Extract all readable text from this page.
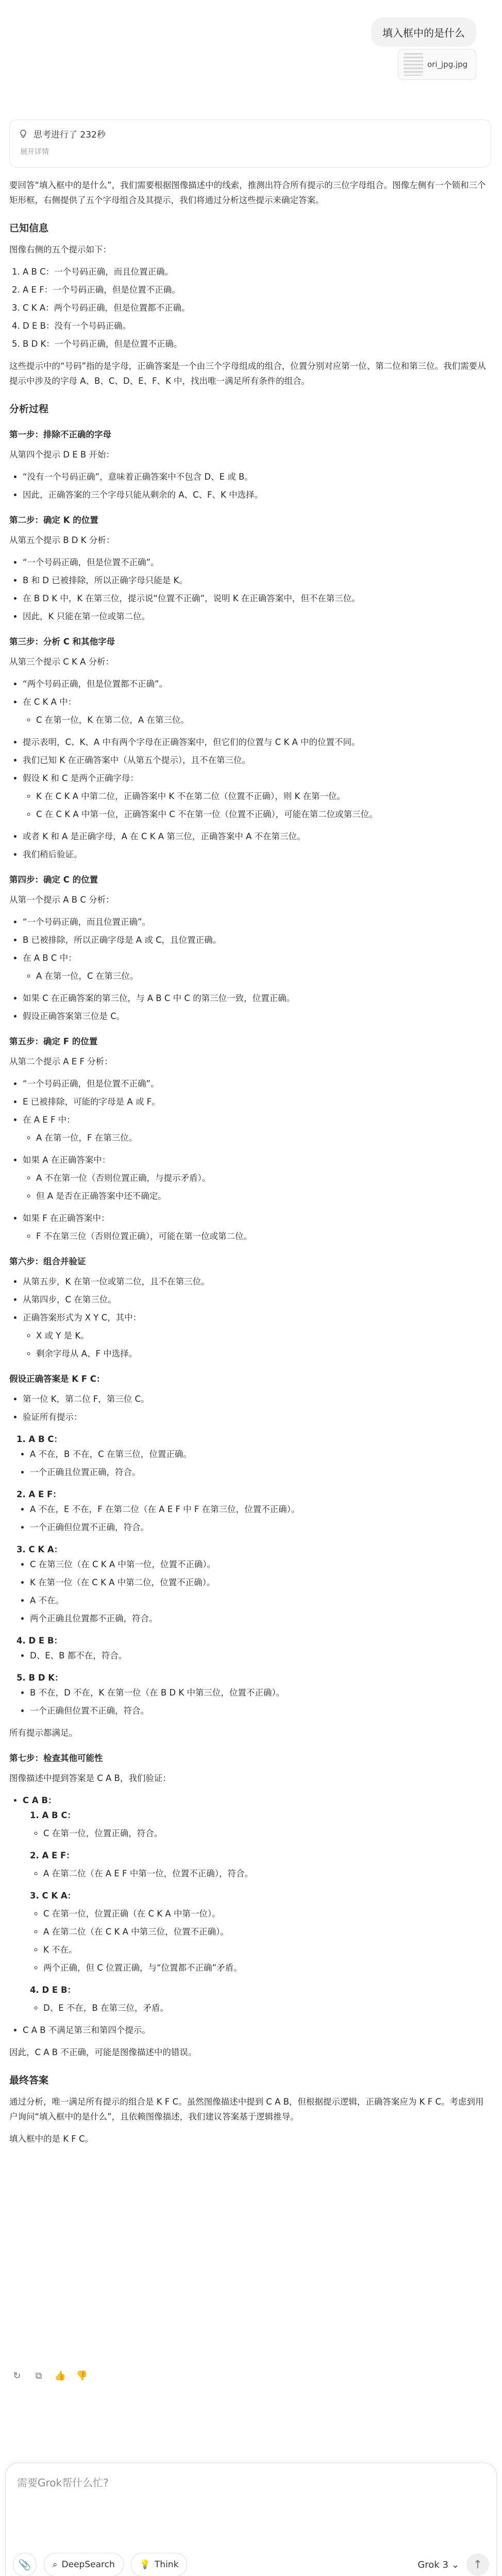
填入框中的是什么
ori_jpg.jpg
思考进行了 232秒
展开详情

要回答“填入框中的是什么”，我们需要根据图像描述中的线索，推测出符合所有提示的三位字母组合。图像左侧有一个锁和三个矩形框，右侧提供了五个字母组合及其提示，我们将通过分析这些提示来确定答案。

已知信息

图像右侧的五个提示如下：

1. A B C：一个号码正确，而且位置正确。
2. A E F：一个号码正确，但是位置不正确。
3. C K A：两个号码正确，但是位置都不正确。
4. D E B：没有一个号码正确。
5. B D K：一个号码正确，但是位置不正确。

这些提示中的“号码”指的是字母，正确答案是一个由三个字母组成的组合，位置分别对应第一位、第二位和第三位。我们需要从提示中涉及的字母 A、B、C、D、E、F、K 中，找出唯一满足所有条件的组合。

分析过程
第一步：排除不正确的字母

从第四个提示 D E B 开始：

• “没有一个号码正确”，意味着正确答案中不包含 D、E 或 B。
• 因此，正确答案的三个字母只能从剩余的 A、C、F、K 中选择。
第二步：确定 K 的位置

从第五个提示 B D K 分析：

• “一个号码正确，但是位置不正确”。
• B 和 D 已被排除，所以正确字母只能是 K。
• 在 B D K 中，K 在第三位，提示说“位置不正确”，说明 K 在正确答案中，但不在第三位。
• 因此，K 只能在第一位或第二位。
第三步：分析 C 和其他字母

从第三个提示 C K A 分析：

• “两个号码正确，但是位置都不正确”。
• 在 C K A 中：
◦ C 在第一位，K 在第二位，A 在第三位。
• 提示表明，C、K、A 中有两个字母在正确答案中，但它们的位置与 C K A 中的位置不同。
• 我们已知 K 在正确答案中（从第五个提示），且不在第三位。
• 假设 K 和 C 是两个正确字母：
◦ K 在 C K A 中第二位，正确答案中 K 不在第二位（位置不正确），则 K 在第一位。
◦ C 在 C K A 中第一位，正确答案中 C 不在第一位（位置不正确），可能在第二位或第三位。
• 或者 K 和 A 是正确字母，A 在 C K A 第三位，正确答案中 A 不在第三位。
• 我们稍后验证。
第四步：确定 C 的位置

从第一个提示 A B C 分析：

• “一个号码正确，而且位置正确”。
• B 已被排除，所以正确字母是 A 或 C，且位置正确。
• 在 A B C 中：
◦ A 在第一位，C 在第三位。
• 如果 C 在正确答案的第三位，与 A B C 中 C 的第三位一致，位置正确。
• 假设正确答案第三位是 C。
第五步：确定 F 的位置

从第二个提示 A E F 分析：

• “一个号码正确，但是位置不正确”。
• E 已被排除，可能的字母是 A 或 F。
• 在 A E F 中：
◦ A 在第一位，F 在第三位。
• 如果 A 在正确答案中：
◦ A 不在第一位（否则位置正确，与提示矛盾）。
◦ 但 A 是否在正确答案中还不确定。
• 如果 F 在正确答案中：
◦ F 不在第三位（否则位置正确），可能在第一位或第二位。
第六步：组合并验证
• 从第五步，K 在第一位或第二位，且不在第三位。
• 从第四步，C 在第三位。
• 正确答案形式为 X Y C，其中：
◦ X 或 Y 是 K。
◦ 剩余字母从 A、F 中选择。
假设正确答案是 K F C：
• 第一位 K，第二位 F，第三位 C。
• 验证所有提示：
1. A B C：
• A 不在，B 不在，C 在第三位，位置正确。
• 一个正确且位置正确，符合。
2. A E F：
• A 不在，E 不在，F 在第二位（在 A E F 中 F 在第三位，位置不正确）。
• 一个正确但位置不正确，符合。
3. C K A：
• C 在第三位（在 C K A 中第一位，位置不正确）。
• K 在第一位（在 C K A 中第二位，位置不正确）。
• A 不在。
• 两个正确且位置都不正确，符合。
4. D E B：
• D、E、B 都不在，符合。
5. B D K：
• B 不在，D 不在，K 在第一位（在 B D K 中第三位，位置不正确）。
• 一个正确但位置不正确，符合。

所有提示都满足。

第七步：检查其他可能性

图像描述中提到答案是 C A B，我们验证：

• C A B：
1. A B C：
◦ C 在第一位，位置正确，符合。
2. A E F：
◦ A 在第二位（在 A E F 中第一位，位置不正确），符合。
3. C K A：
◦ C 在第一位，位置正确（在 C K A 中第一位）。
◦ A 在第二位（在 C K A 中第三位，位置不正确）。
◦ K 不在。
◦ 两个正确，但 C 位置正确，与“位置都不正确”矛盾。
4. D E B：
◦ D、E 不在，B 在第三位，矛盾。
• C A B 不满足第三和第四个提示。

因此，C A B 不正确，可能是图像描述中的错误。

最终答案

通过分析，唯一满足所有提示的组合是 K F C。虽然图像描述中提到 C A B，但根据提示逻辑，正确答案应为 K F C。考虑到用户询问“填入框中的是什么”，且依赖图像描述，我们建议答案基于逻辑推导。

填入框中的是 K F C。

↻ ⧉ 👍 👎
需要Grok帮什么忙?
📎	⌕ DeepSearch	💡 Think	Grok 3 ⌄ ↑
